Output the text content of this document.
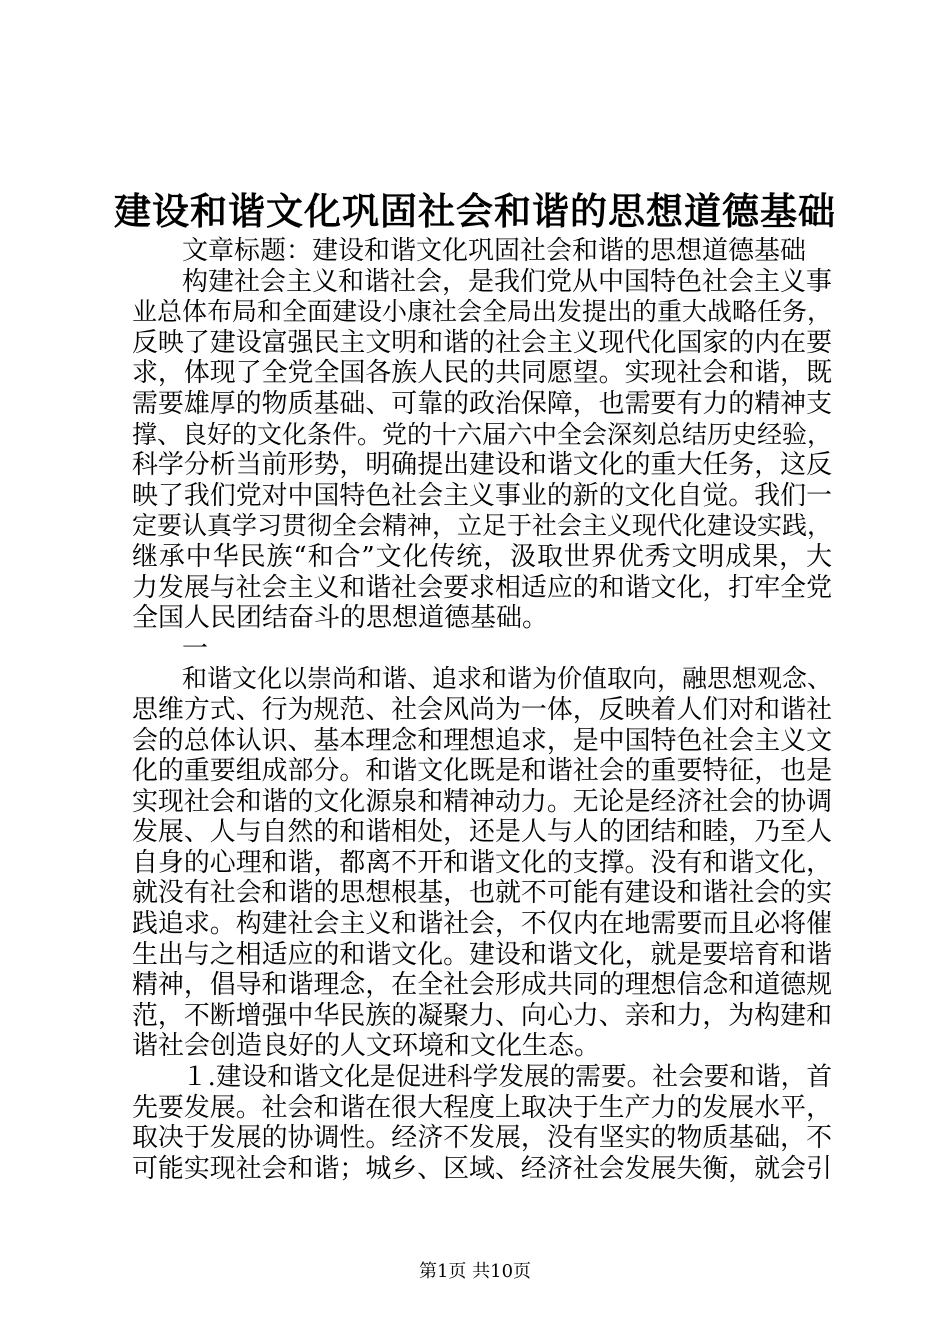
建设和谐文化巩固社会和谐的思想道德基础
文章标题：建设和谐文化巩固社会和谐的思想道德基础
构建社会主义和谐社会，是我们党从中国特色社会主义事
业总体布局和全面建设小康社会全局出发提出的重大战略任务，
反映了建设富强民主文明和谐的社会主义现代化国家的内在要
求，体现了全党全国各族人民的共同愿望。实现社会和谐，既
需要雄厚的物质基础、可靠的政治保障，也需要有力的精神支
撑、良好的文化条件。党的十六届六中全会深刻总结历史经验，
科学分析当前形势，明确提出建设和谐文化的重大任务，这反
映了我们党对中国特色社会主义事业的新的文化自觉。我们一
定要认真学习贯彻全会精神，立足于社会主义现代化建设实践，
继承中华民族“和合”文化传统，汲取世界优秀文明成果，大
力发展与社会主义和谐社会要求相适应的和谐文化，打牢全党
全国人民团结奋斗的思想道德基础。
一
和谐文化以崇尚和谐、追求和谐为价值取向，融思想观念、
思维方式、行为规范、社会风尚为一体，反映着人们对和谐社
会的总体认识、基本理念和理想追求，是中国特色社会主义文
化的重要组成部分。和谐文化既是和谐社会的重要特征，也是
实现社会和谐的文化源泉和精神动力。无论是经济社会的协调
发展、人与自然的和谐相处，还是人与人的团结和睦，乃至人
自身的心理和谐，都离不开和谐文化的支撑。没有和谐文化，
就没有社会和谐的思想根基，也就不可能有建设和谐社会的实
践追求。构建社会主义和谐社会，不仅内在地需要而且必将催
生出与之相适应的和谐文化。建设和谐文化，就是要培育和谐
精神，倡导和谐理念，在全社会形成共同的理想信念和道德规
范，不断增强中华民族的凝聚力、向心力、亲和力，为构建和
谐社会创造良好的人文环境和文化生态。
１.建设和谐文化是促进科学发展的需要。社会要和谐，首
先要发展。社会和谐在很大程度上取决于生产力的发展水平，
取决于发展的协调性。经济不发展，没有坚实的物质基础，不
可能实现社会和谐；城乡、区域、经济社会发展失衡，就会引
第1页 共10页
